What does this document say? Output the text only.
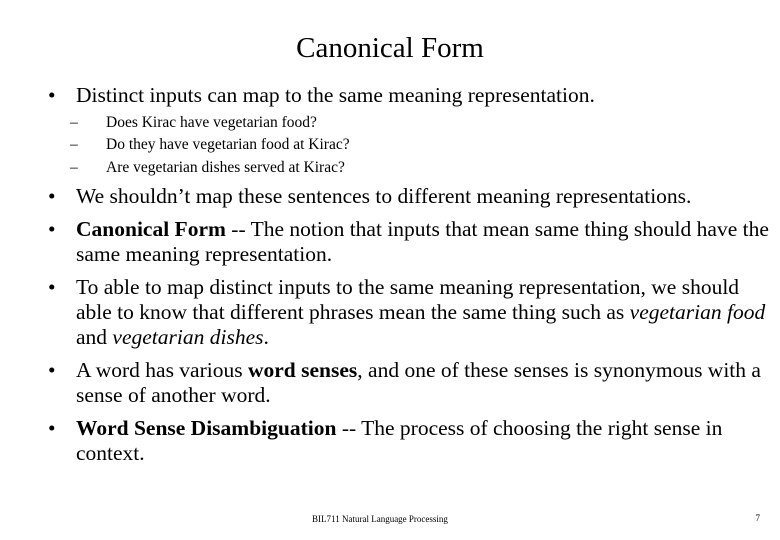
Canonical Form
• Distinct inputs can map to the same meaning representation.
– Does Kirac have vegetarian food?
– Do they have vegetarian food at Kirac?
– Are vegetarian dishes served at Kirac?
• We shouldn’t map these sentences to different meaning representations.
• Canonical Form -- The notion that inputs that mean same thing should have the same meaning representation.
• To able to map distinct inputs to the same meaning representation, we should able to know that different phrases mean the same thing such as vegetarian food and vegetarian dishes.
• A word has various word senses, and one of these senses is synonymous with a sense of another word.
• Word Sense Disambiguation -- The process of choosing the right sense in context.
BIL711 Natural Language Processing	7
